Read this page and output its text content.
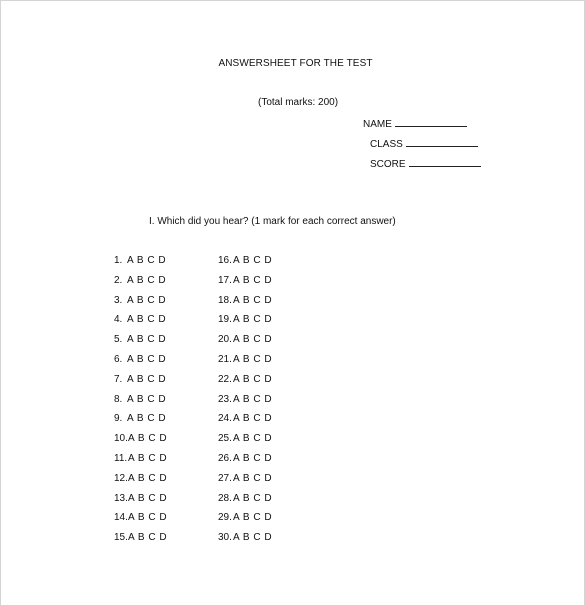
ANSWERSHEET FOR THE TEST
(Total marks: 200)
NAME
CLASS
SCORE
I. Which did you hear? (1 mark for each correct answer)
1. A B C D
2. A B C D
3. A B C D
4. A B C D
5. A B C D
6. A B C D
7. A B C D
8. A B C D
9. A B C D
10.A B C D
11.A B C D
12.A B C D
13.A B C D
14.A B C D
15.A B C D
16.A B C D
17.A B C D
18.A B C D
19.A B C D
20.A B C D
21.A B C D
22.A B C D
23.A B C D
24.A B C D
25.A B C D
26.A B C D
27.A B C D
28.A B C D
29.A B C D
30.A B C D
